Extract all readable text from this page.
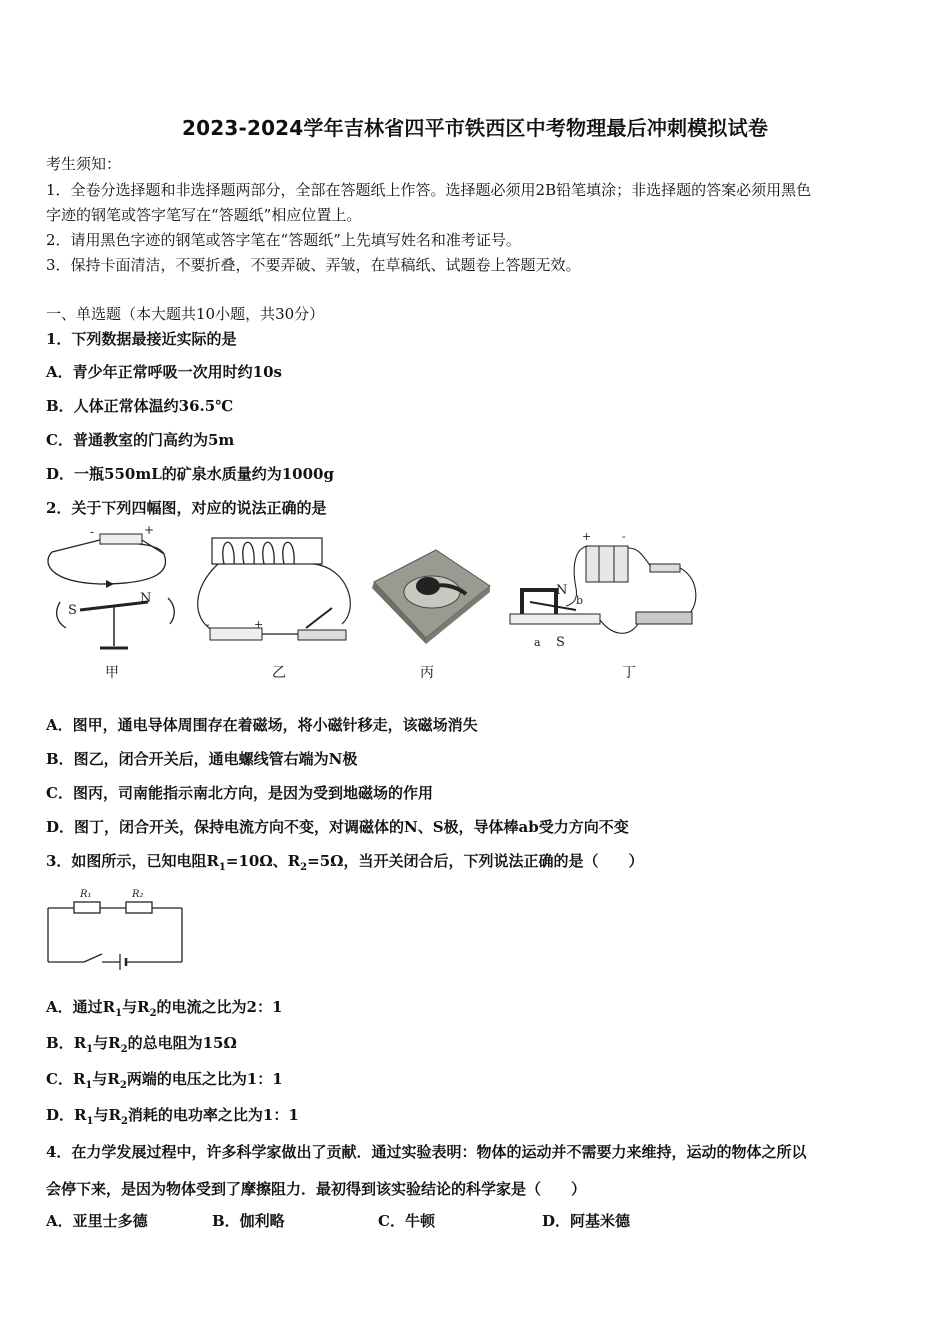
2023-2024学年吉林省四平市铁西区中考物理最后冲刺模拟试卷
考生须知：
1．全卷分选择题和非选择题两部分，全部在答题纸上作答。选择题必须用2B铅笔填涂；非选择题的答案必须用黑色
字迹的钢笔或答字笔写在“答题纸”相应位置上。
2．请用黑色字迹的钢笔或答字笔在“答题纸”上先填写姓名和准考证号。
3．保持卡面清洁，不要折叠，不要弄破、弄皱，在草稿纸、试题卷上答题无效。
一、单选题（本大题共10小题，共30分）
1．下列数据最接近实际的是
A．青少年正常呼吸一次用时约10s
B．人体正常体温约36.5℃
C．普通教室的门高约为5m
D．一瓶550mL的矿泉水质量约为1000g
2．关于下列四幅图，对应的说法正确的是
-	+
S
N
甲
-	+
乙	丙
+	-
N
b
S
a
丁
A．图甲，通电导体周围存在着磁场，将小磁针移走，该磁场消失
B．图乙，闭合开关后，通电螺线管右端为N极
C．图丙，司南能指示南北方向，是因为受到地磁场的作用
D．图丁，闭合开关，保持电流方向不变，对调磁体的N、S极，导体棒ab受力方向不变
3．如图所示，已知电阻$R_1=10\Omega$、$R_2=5\Omega$，当开关闭合后，下列说法正确的是（　　）
R₁	R₂
A．通过$R_1$与$R_2$的电流之比为2：1
B．$R_1$与$R_2$的总电阻为15Ω
C．$R_1$与$R_2$两端的电压之比为1：1
D．$R_1$与$R_2$消耗的电功率之比为1：1
4．在力学发展过程中，许多科学家做出了贡献．通过实验表明：物体的运动并不需要力来维持，运动的物体之所以
会停下来，是因为物体受到了摩擦阻力．最初得到该实验结论的科学家是（　　）
A．亚里士多德	B．伽利略	C．牛顿	D．阿基米德
